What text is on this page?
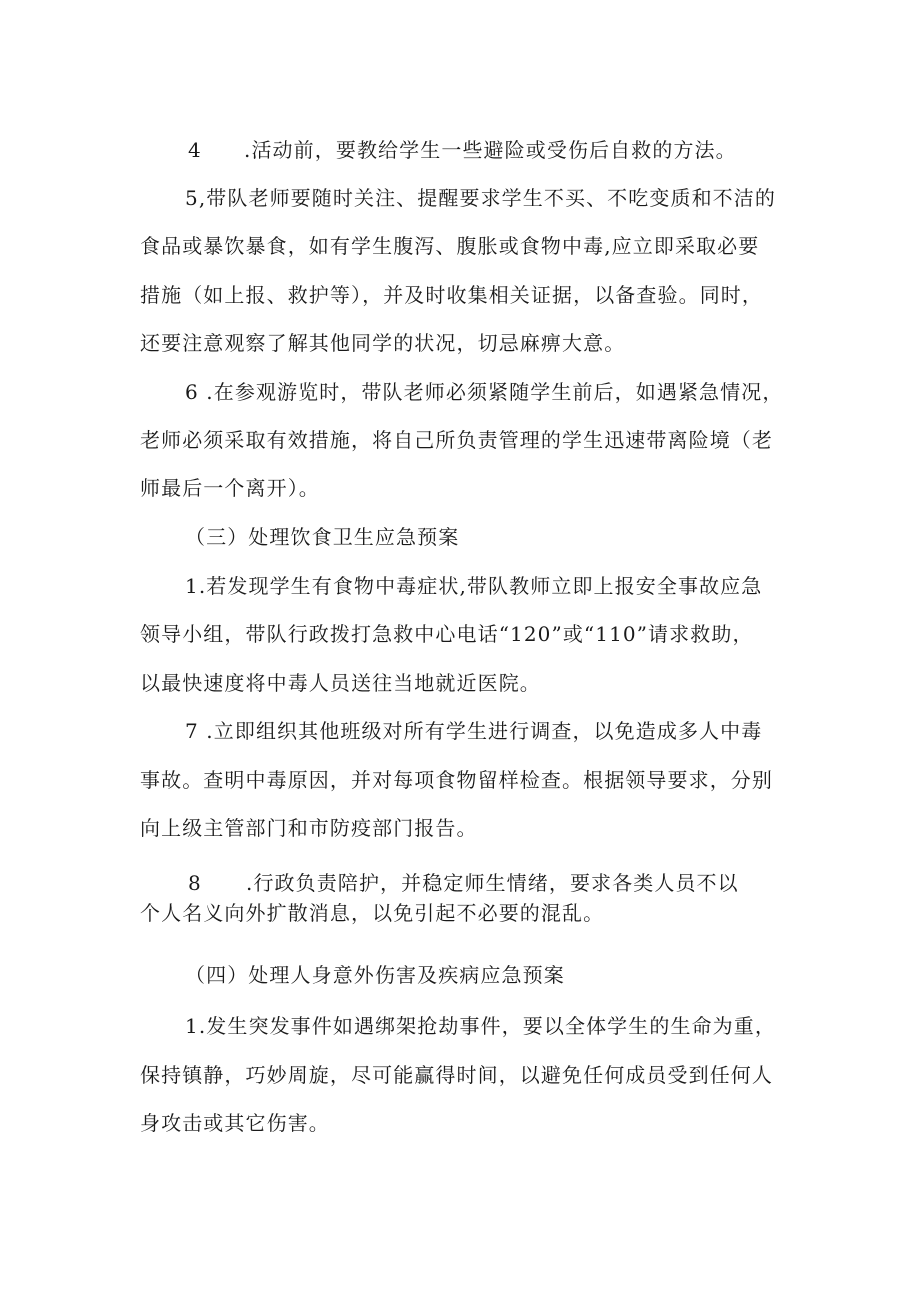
4 .活动前，要教给学生一些避险或受伤后自救的方法。
5,带队老师要随时关注、提醒要求学生不买、不吃变质和不洁的
食品或暴饮暴食，如有学生腹泻、腹胀或食物中毒,应立即采取必要
措施（如上报、救护等），并及时收集相关证据，以备查验。同时，
还要注意观察了解其他同学的状况，切忌麻痹大意。
6 .在参观游览时，带队老师必须紧随学生前后，如遇紧急情况，
老师必须采取有效措施，将自己所负责管理的学生迅速带离险境（老
师最后一个离开）。
（三）处理饮食卫生应急预案
1.若发现学生有食物中毒症状,带队教师立即上报安全事故应急
领导小组，带队行政拨打急救中心电话“120”或“110”请求救助，
以最快速度将中毒人员送往当地就近医院。
7 .立即组织其他班级对所有学生进行调查，以免造成多人中毒
事故。查明中毒原因，并对每项食物留样检查。根据领导要求，分别
向上级主管部门和市防疫部门报告。
8 .行政负责陪护，并稳定师生情绪，要求各类人员不以
个人名义向外扩散消息，以免引起不必要的混乱。
（四）处理人身意外伤害及疾病应急预案
1.发生突发事件如遇绑架抢劫事件，要以全体学生的生命为重，
保持镇静，巧妙周旋，尽可能赢得时间，以避免任何成员受到任何人
身攻击或其它伤害。
